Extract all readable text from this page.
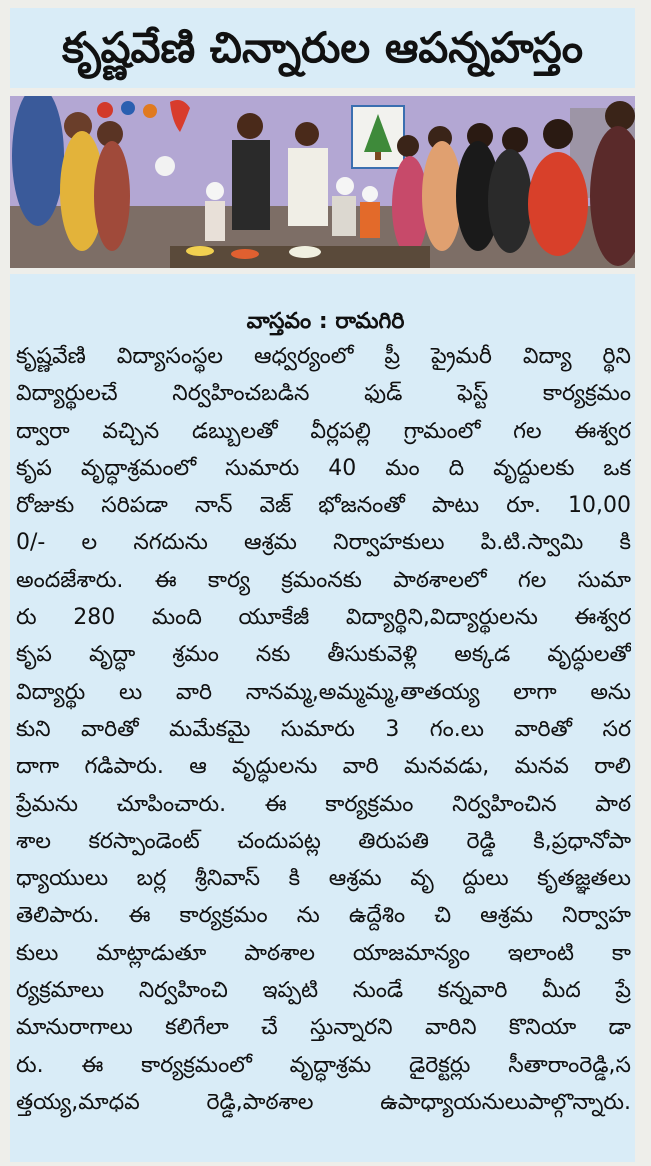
కృష్ణవేణి చిన్నారుల ఆపన్నహస్తం
వాస్తవం : రామగిరి
కృష్ణవేణి విద్యాసంస్థల ఆధ్వర్యంలో ప్రీ ప్రైమరీ విద్యా ర్థిని
విద్యార్థులచే నిర్వహించబడిన ఫుడ్ ఫెస్ట్ కార్యక్రమం
ద్వారా వచ్చిన డబ్బులతో వీర్లపల్లి గ్రామంలో గల ఈశ్వర
కృప వృద్ధాశ్రమంలో సుమారు 40 మం ది వృద్దులకు ఒక
రోజుకు సరిపడా నాన్ వెజ్ భోజనంతో పాటు రూ. 10,00
0/- ల నగదును ఆశ్రమ నిర్వాహకులు పి.టి.స్వామి కి
అందజేశారు. ఈ కార్య క్రమంనకు పాఠశాలలో గల సుమా
రు 280 మంది యూకేజీ విద్యార్థిని,విద్యార్థులను ఈశ్వర
కృప వృద్ధా శ్రమం నకు తీసుకువెళ్లి అక్కడ వృద్ధులతో
విద్యార్థు లు వారి నానమ్మ,అమ్మమ్మ,తాతయ్య లాగా అను
కుని వారితో మమేకమై సుమారు 3 గం.లు వారితో సర
దాగా గడిపారు. ఆ వృద్ధులను వారి మనవడు, మనవ రాలి
ప్రేమను చూపించారు. ఈ కార్యక్రమం నిర్వహించిన పాఠ
శాల కరస్పాండెంట్ చందుపట్ల తిరుపతి రెడ్డి కి,ప్రధానోపా
ధ్యాయులు బర్ల శ్రీనివాస్ కి ఆశ్రమ వృ ద్దులు కృతజ్ఞతలు
తెలిపారు. ఈ కార్యక్రమం ను ఉద్దేశిం చి ఆశ్రమ నిర్వాహ
కులు మాట్లాడుతూ పాఠశాల యాజమాన్యం ఇలాంటి కా
ర్యక్రమాలు నిర్వహించి ఇప్పటి నుండే కన్నవారి మీద ప్రే
మానురాగాలు కలిగేలా చే స్తున్నారని వారిని కొనియా డా
రు. ఈ కార్యక్రమంలో వృద్ధాశ్రమ డైరెక్టర్లు సీతారాంరెడ్డి,స
త్తయ్య,మాధవ రెడ్డి,పాఠశాల ఉపాధ్యాయనులుపాల్గొన్నారు.
